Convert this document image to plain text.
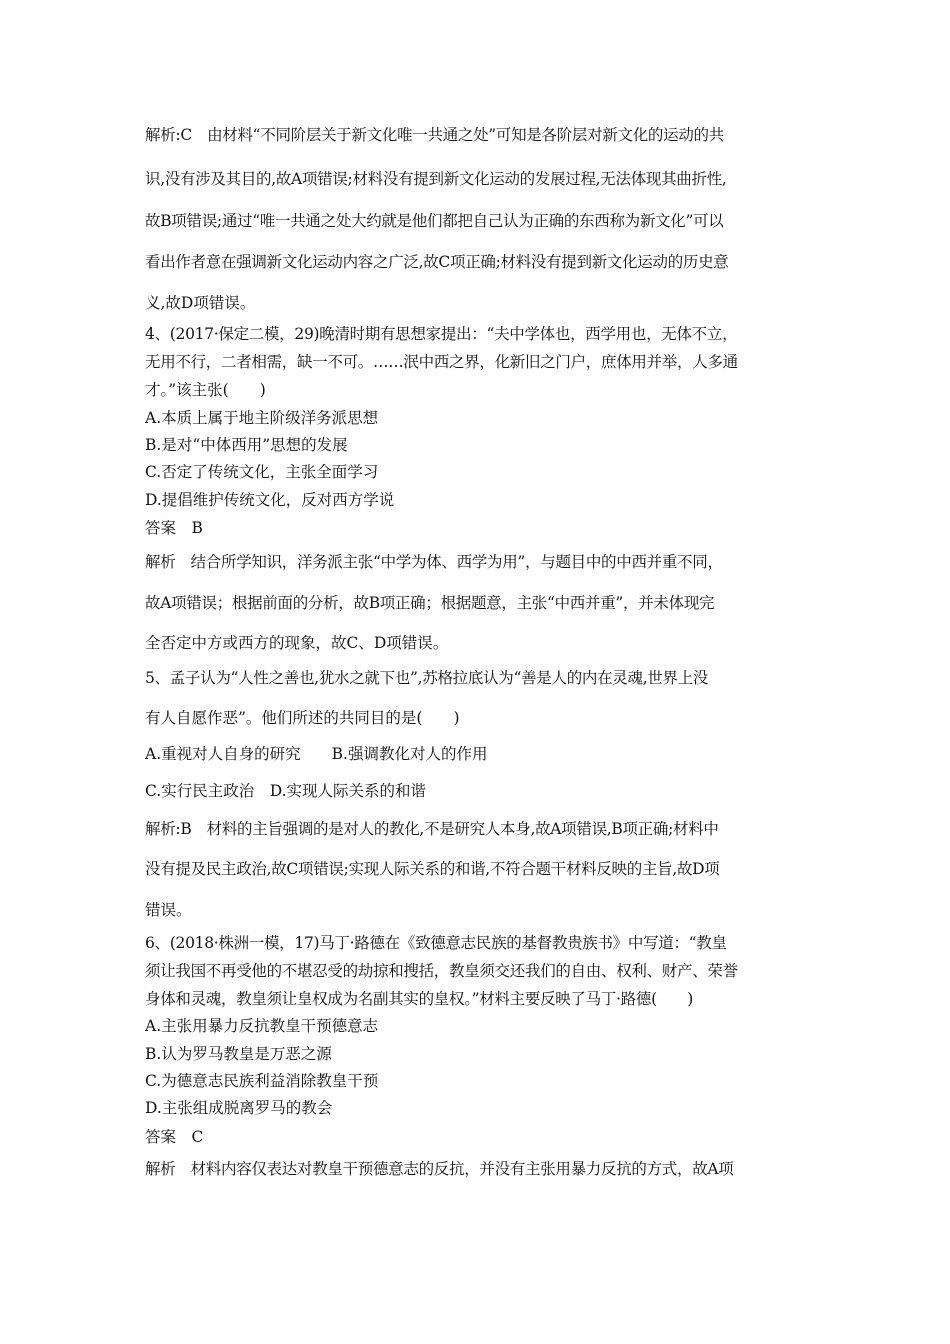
解析:C　由材料“不同阶层关于新文化唯一共通之处”可知是各阶层对新文化的运动的共
识,没有涉及其目的,故A项错误;材料没有提到新文化运动的发展过程,无法体现其曲折性,
故B项错误;通过“唯一共通之处大约就是他们都把自己认为正确的东西称为新文化”可以
看出作者意在强调新文化运动内容之广泛,故C项正确;材料没有提到新文化运动的历史意
义,故D项错误。
4、(2017·保定二模，29)晚清时期有思想家提出：“夫中学体也，西学用也，无体不立，
无用不行，二者相需，缺一不可。……泯中西之界，化新旧之门户，庶体用并举，人多通
才。”该主张(　　)
A.本质上属于地主阶级洋务派思想
B.是对“中体西用”思想的发展
C.否定了传统文化，主张全面学习
D.提倡维护传统文化，反对西方学说
答案　B
解析　结合所学知识，洋务派主张“中学为体、西学为用”，与题目中的中西并重不同，
故A项错误；根据前面的分析，故B项正确；根据题意，主张“中西并重”，并未体现完
全否定中方或西方的现象，故C、D项错误。
5、孟子认为“人性之善也,犹水之就下也”,苏格拉底认为“善是人的内在灵魂,世界上没
有人自愿作恶”。他们所述的共同目的是(　　)
A.重视对人自身的研究　　B.强调教化对人的作用
C.实行民主政治　D.实现人际关系的和谐
解析:B　材料的主旨强调的是对人的教化,不是研究人本身,故A项错误,B项正确;材料中
没有提及民主政治,故C项错误;实现人际关系的和谐,不符合题干材料反映的主旨,故D项
错误。
6、(2018·株洲一模，17)马丁·路德在《致德意志民族的基督教贵族书》中写道：“教皇
须让我国不再受他的不堪忍受的劫掠和搜括，教皇须交还我们的自由、权利、财产、荣誉
身体和灵魂，教皇须让皇权成为名副其实的皇权。”材料主要反映了马丁·路德(　　)
A.主张用暴力反抗教皇干预德意志
B.认为罗马教皇是万恶之源
C.为德意志民族利益消除教皇干预
D.主张组成脱离罗马的教会
答案　C
解析　材料内容仅表达对教皇干预德意志的反抗，并没有主张用暴力反抗的方式，故A项
